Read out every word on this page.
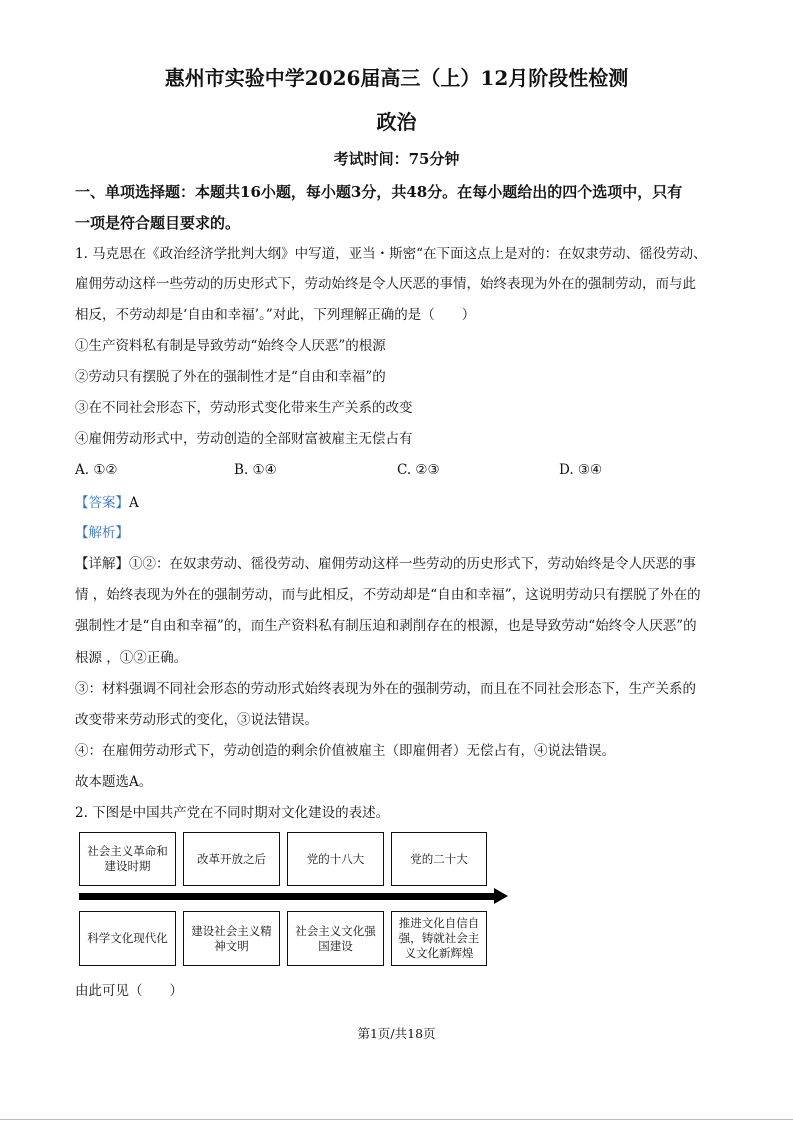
惠州市实验中学2026届高三（上）12月阶段性检测
政治
考试时间：75分钟
一、单项选择题：本题共16小题，每小题3分，共48分。在每小题给出的四个选项中，只有
一项是符合题目要求的。
1. 马克思在《政治经济学批判大纲》中写道，亚当・斯密“在下面这点上是对的：在奴隶劳动、徭役劳动、
雇佣劳动这样一些劳动的历史形式下，劳动始终是令人厌恶的事情，始终表现为外在的强制劳动，而与此
相反，不劳动却是‘自由和幸福’。”对此，下列理解正确的是（　　）
①生产资料私有制是导致劳动“始终令人厌恶”的根源
②劳动只有摆脱了外在的强制性才是“自由和幸福”的
③在不同社会形态下，劳动形式变化带来生产关系的改变
④雇佣劳动形式中，劳动创造的全部财富被雇主无偿占有
A. ①②	B. ①④	C. ②③	D. ③④
【答案】A
【解析】
【详解】①②：在奴隶劳动、徭役劳动、雇佣劳动这样一些劳动的历史形式下，劳动始终是令人厌恶的事
情 ，始终表现为外在的强制劳动，而与此相反，不劳动却是“自由和幸福”，这说明劳动只有摆脱了外在的
强制性才是“自由和幸福”的，而生产资料私有制压迫和剥削存在的根源，也是导致劳动“始终令人厌恶”的
根源 ，①②正确。
③：材料强调不同社会形态的劳动形式始终表现为外在的强制劳动，而且在不同社会形态下，生产关系的
改变带来劳动形式的变化，③说法错误。
④：在雇佣劳动形式下，劳动创造的剩余价值被雇主（即雇佣者）无偿占有，④说法错误。
故本题选A。
2. 下图是中国共产党在不同时期对文化建设的表述。
社会主义革命和建设时期
改革开放之后	党的十八大	党的二十大
科学文化现代化
建设社会主义精神文明
社会主义文化强国建设
推进文化自信自强，铸就社会主义文化新辉煌
由此可见（　　）
第1页/共18页
